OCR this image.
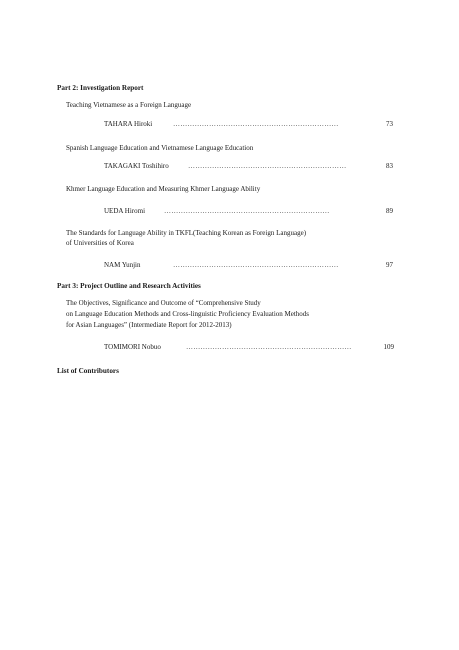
Part 2: Investigation Report
Teaching Vietnamese as a Foreign Language
TAHARA Hiroki	……………………………………………………………	73
Spanish Language Education and Vietnamese Language Education
TAKAGAKI Toshihiro	…………………………………………………………	83
Khmer Language Education and Measuring Khmer Language Ability
UEDA Hiromi	……………………………………………………………	89
The Standards for Language Ability in TKFL(Teaching Korean as Foreign Language)
of Universities of Korea
NAM Yunjin	……………………………………………………………	97
Part 3: Project Outline and Research Activities
The Objectives, Significance and Outcome of “Comprehensive Study
on Language Education Methods and Cross-linguistic Proficiency Evaluation Methods
for Asian Languages” (Intermediate Report for 2012-2013)
TOMIMORI Nobuo	……………………………………………………………	109
List of Contributors
